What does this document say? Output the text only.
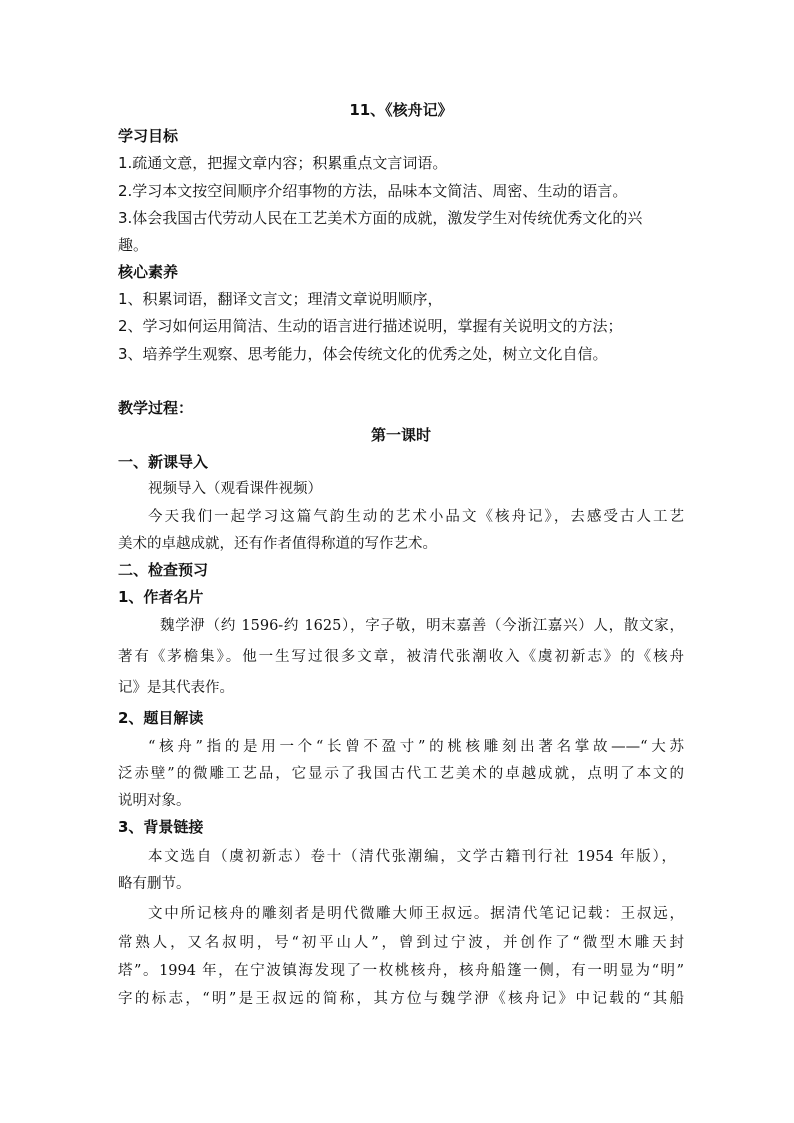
11、《核舟记》
学习目标
1.疏通文意，把握文章内容；积累重点文言词语。
2.学习本文按空间顺序介绍事物的方法，品味本文简洁、周密、生动的语言。
3.体会我国古代劳动人民在工艺美术方面的成就，激发学生对传统优秀文化的兴
趣。
核心素养
1、积累词语，翻译文言文；理清文章说明顺序，
2、学习如何运用简洁、生动的语言进行描述说明，掌握有关说明文的方法；
3、培养学生观察、思考能力，体会传统文化的优秀之处，树立文化自信。
教学过程：
第一课时
一、新课导入
视频导入（观看课件视频）
今天我们一起学习这篇气韵生动的艺术小品文《核舟记》，去感受古人工艺
美术的卓越成就，还有作者值得称道的写作艺术。
二、检查预习
1、作者名片
魏学洢（约 1596-约 1625），字子敬，明末嘉善（今浙江嘉兴）人，散文家，
著有《茅檐集》。他一生写过很多文章，被清代张潮收入《虞初新志》的《核舟
记》是其代表作。
2、题目解读
“核舟”指的是用一个“长曾不盈寸”的桃核雕刻出著名掌故——“大苏
泛赤壁”的微雕工艺品，它显示了我国古代工艺美术的卓越成就，点明了本文的
说明对象。
3、背景链接
本文选自（虞初新志）卷十（清代张潮编，文学古籍刊行社 1954 年版），
略有删节。
文中所记核舟的雕刻者是明代微雕大师王叔远。据清代笔记记载：王叔远，
常熟人，又名叔明，号“初平山人”，曾到过宁波，并创作了“微型木雕天封
塔”。1994 年，在宁波镇海发现了一枚桃核舟，核舟船篷一侧，有一明显为“明”
字的标志，“明”是王叔远的简称，其方位与魏学洢《核舟记》中记载的“其船
